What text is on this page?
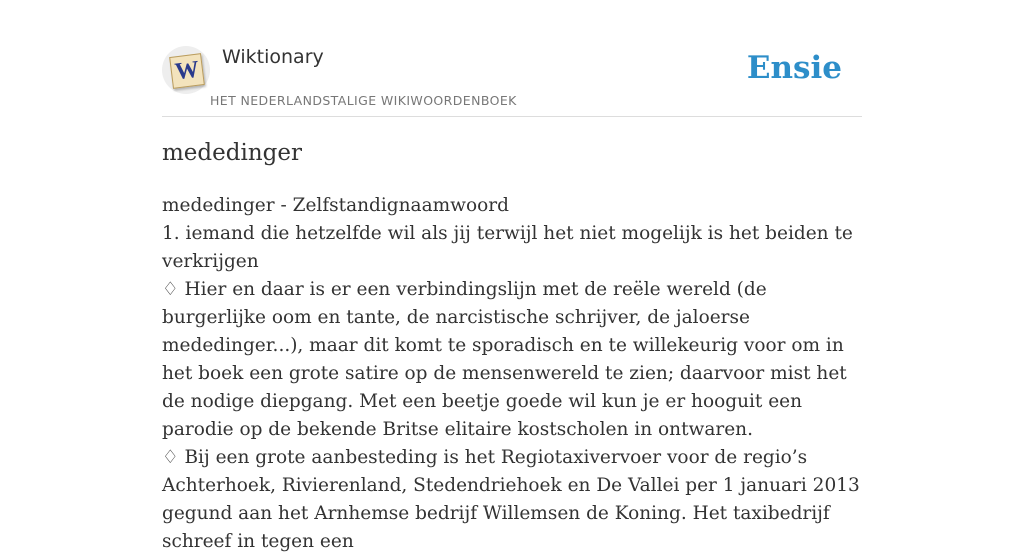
W Wiktionary
HET NEDERLANDSTALIGE WIKIWOORDENBOEK
Ensie
mededinger

mededinger - Zelfstandignaamwoord

1. iemand die hetzelfde wil als jij terwijl het niet mogelijk is het beiden te verkrijgen

♢ Hier en daar is er een verbindingslijn met de reële wereld (de burgerlijke oom en tante, de narcistische schrijver, de jaloerse mededinger...), maar dit komt te sporadisch en te willekeurig voor om in het boek een grote satire op de mensenwereld te zien; daarvoor mist het de nodige diepgang. Met een beetje goede wil kun je er hooguit een parodie op de bekende Britse elitaire kostscholen in ontwaren.

♢ Bij een grote aanbesteding is het Regiotaxivervoer voor de regio’s Achterhoek, Rivierenland, Stedendriehoek en De Vallei per 1 januari 2013 gegund aan het Arnhemse bedrijf Willemsen de Koning. Het taxibedrijf schreef in tegen een
